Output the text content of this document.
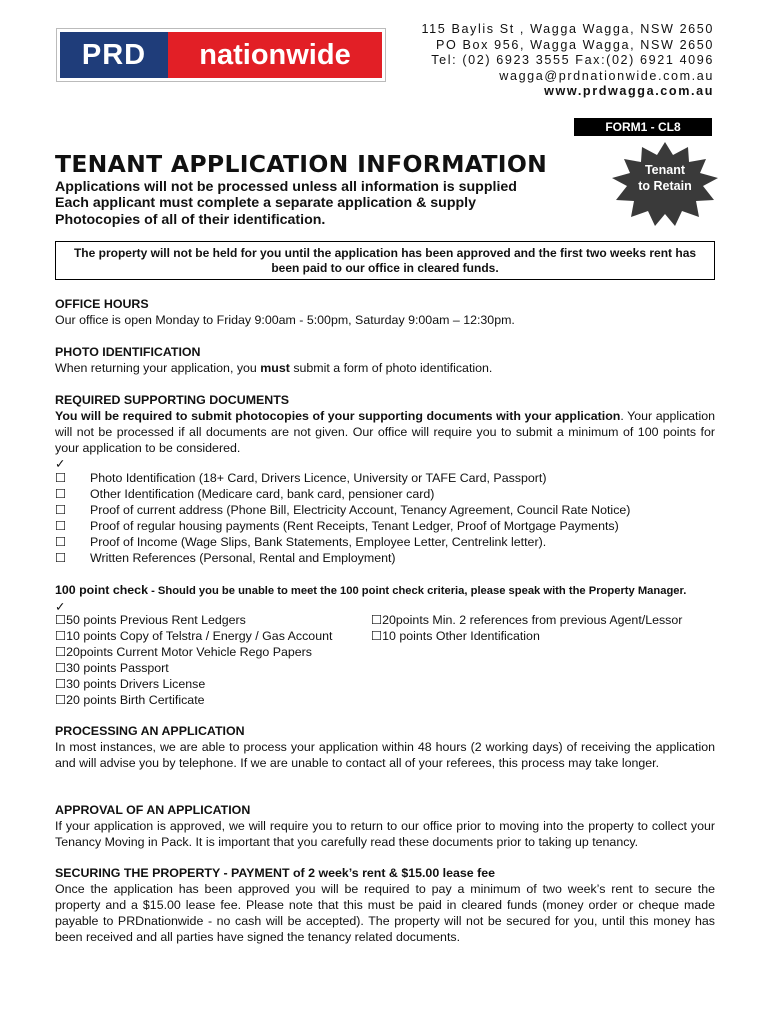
PRD	nationwide
115 Baylis St , Wagga Wagga, NSW 2650
PO Box 956, Wagga Wagga, NSW 2650
Tel: (02) 6923 3555 Fax:(02) 6921 4096
wagga@prdnationwide.com.au
www.prdwagga.com.au
FORM1 - CL8
TENANT APPLICATION INFORMATION	Tenant
to Retain
Applications will not be processed unless all information is supplied
Each applicant must complete a separate application & supply
Photocopies of all of their identification.
The property will not be held for you until the application has been approved and the first two weeks rent has been paid to our office in cleared funds.
OFFICE HOURS
Our office is open Monday to Friday 9:00am - 5:00pm, Saturday 9:00am – 12:30pm.
PHOTO IDENTIFICATION
When returning your application, you must submit a form of photo identification.
REQUIRED SUPPORTING DOCUMENTS
You will be required to submit photocopies of your supporting documents with your application. Your application will not be processed if all documents are not given. Our office will require you to submit a minimum of 100 points for your application to be considered.
✓
☐	Photo Identification (18+ Card, Drivers Licence, University or TAFE Card, Passport)
☐	Other Identification (Medicare card, bank card, pensioner card)
☐	Proof of current address (Phone Bill, Electricity Account, Tenancy Agreement, Council Rate Notice)
☐	Proof of regular housing payments (Rent Receipts, Tenant Ledger, Proof of Mortgage Payments)
☐	Proof of Income (Wage Slips, Bank Statements, Employee Letter, Centrelink letter).
☐	Written References (Personal, Rental and Employment)
100 point check - Should you be unable to meet the 100 point check criteria, please speak with the Property Manager.
✓
☐50 points Previous Rent Ledgers
☐10 points Copy of Telstra / Energy / Gas Account
☐20points Current Motor Vehicle Rego Papers
☐30 points Passport
☐30 points Drivers License
☐20 points Birth Certificate
☐20points Min. 2 references from previous Agent/Lessor
☐10 points Other Identification
PROCESSING AN APPLICATION
In most instances, we are able to process your application within 48 hours (2 working days) of receiving the application and will advise you by telephone. If we are unable to contact all of your referees, this process may take longer.
APPROVAL OF AN APPLICATION
If your application is approved, we will require you to return to our office prior to moving into the property to collect your Tenancy Moving in Pack. It is important that you carefully read these documents prior to taking up tenancy.
SECURING THE PROPERTY - PAYMENT of 2 week’s rent & $15.00 lease fee
Once the application has been approved you will be required to pay a minimum of two week’s rent to secure the property and a $15.00 lease fee. Please note that this must be paid in cleared funds (money order or cheque made payable to PRDnationwide - no cash will be accepted). The property will not be secured for you, until this money has been received and all parties have signed the tenancy related documents.
